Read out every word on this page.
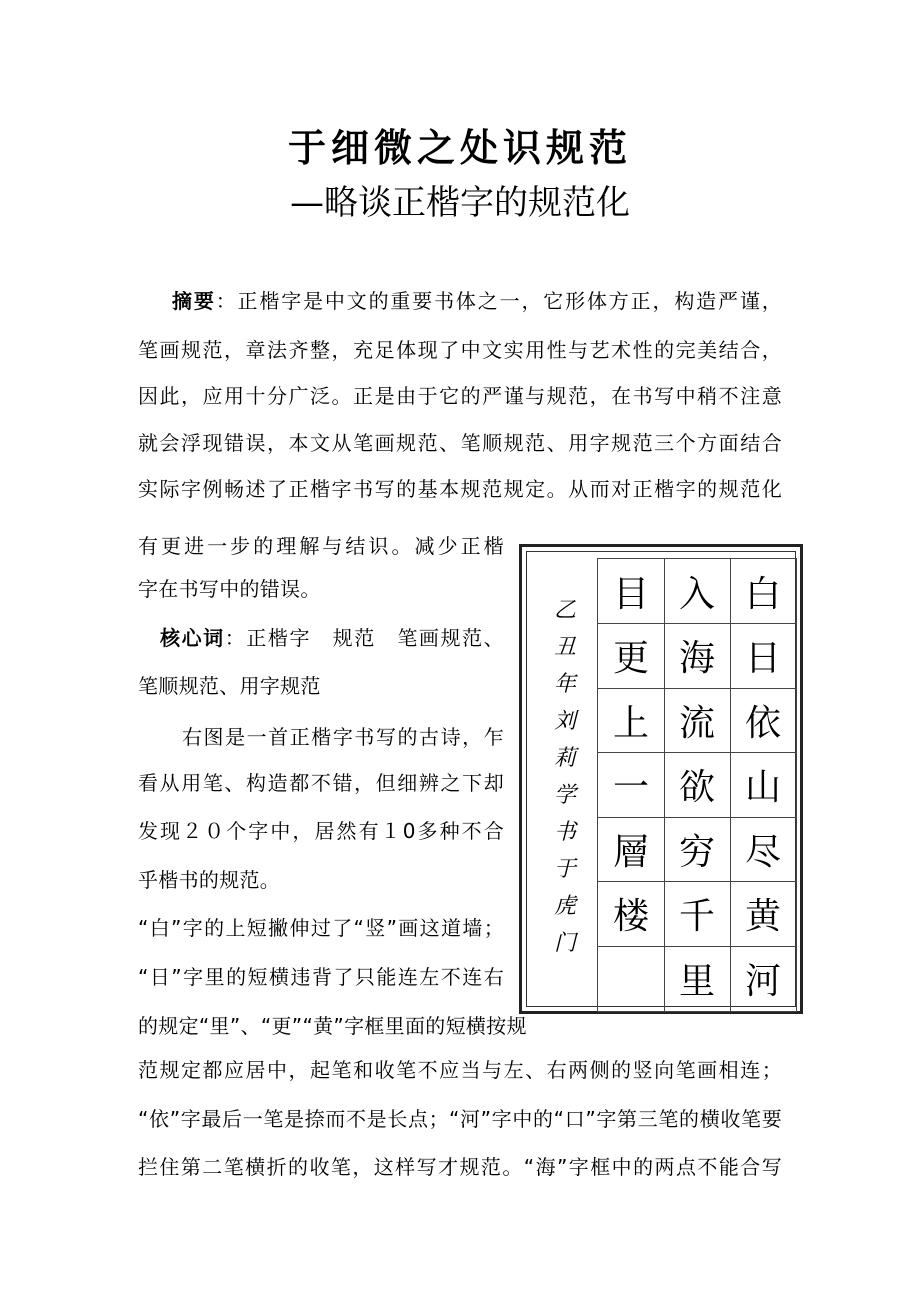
于细微之处识规范
—略谈正楷字的规范化
摘要：正楷字是中文的重要书体之一，它形体方正，构造严谨，
笔画规范，章法齐整，充足体现了中文实用性与艺术性的完美结合，
因此，应用十分广泛。正是由于它的严谨与规范，在书写中稍不注意
就会浮现错误，本文从笔画规范、笔顺规范、用字规范三个方面结合
实际字例畅述了正楷字书写的基本规范规定。从而对正楷字的规范化
有更进一步的理解与结识。减少正楷
字在书写中的错误。
核心词：正楷字　规范　笔画规范、
笔顺规范、用字规范
右图是一首正楷字书写的古诗，乍
看从用笔、构造都不错，但细辨之下却
发现２０个字中，居然有１0多种不合
乎楷书的规范。
“白”字的上短撇伸过了“竖”画这道墙；
“日”字里的短横违背了只能连左不连右
的规定“里”、“更”“黄”字框里面的短横按规
范规定都应居中，起笔和收笔不应当与左、右两侧的竖向笔画相连；
“依”字最后一笔是捺而不是长点；“河”字中的“口”字第三笔的横收笔要
拦住第二笔横折的收笔，这样写才规范。“海”字框中的两点不能合写
乙
丑
年
刘
莉
学
书
于
虎
门
白
日
依
山
尽
黄
河
入
海
流
欲
穷
千
里
目
更
上
一
層
楼
